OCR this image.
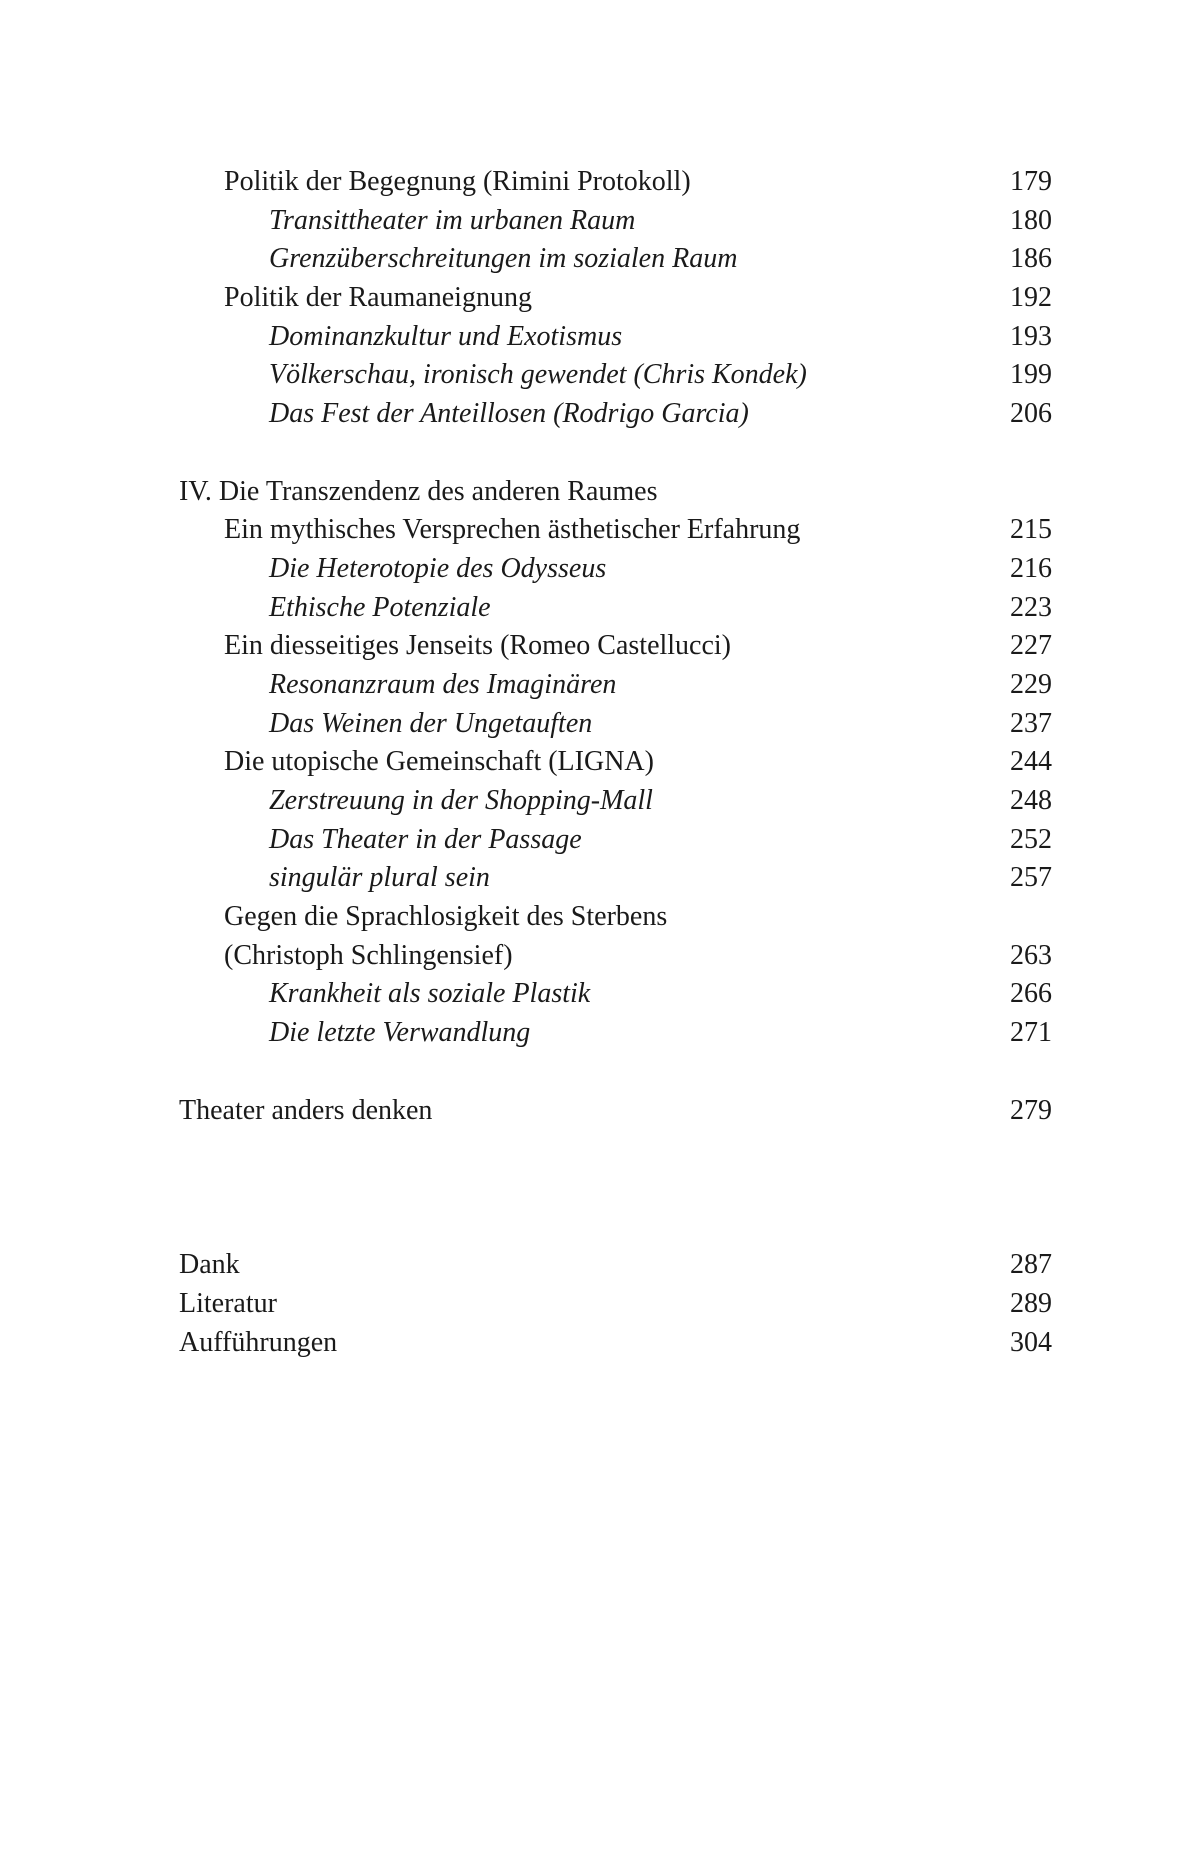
Politik der Begegnung (Rimini Protokoll)	179
Transittheater im urbanen Raum	180
Grenzüberschreitungen im sozialen Raum	186
Politik der Raumaneignung	192
Dominanzkultur und Exotismus	193
Völkerschau, ironisch gewendet (Chris Kondek)	199
Das Fest der Anteillosen (Rodrigo Garcia)	206
IV. Die Transzendenz des anderen Raumes
Ein mythisches Versprechen ästhetischer Erfahrung	215
Die Heterotopie des Odysseus	216
Ethische Potenziale	223
Ein diesseitiges Jenseits (Romeo Castellucci)	227
Resonanzraum des Imaginären	229
Das Weinen der Ungetauften	237
Die utopische Gemeinschaft (LIGNA)	244
Zerstreuung in der Shopping-Mall	248
Das Theater in der Passage	252
singulär plural sein	257
Gegen die Sprachlosigkeit des Sterbens
(Christoph Schlingensief)	263
Krankheit als soziale Plastik	266
Die letzte Verwandlung	271
Theater anders denken	279
Dank	287
Literatur	289
Aufführungen	304
